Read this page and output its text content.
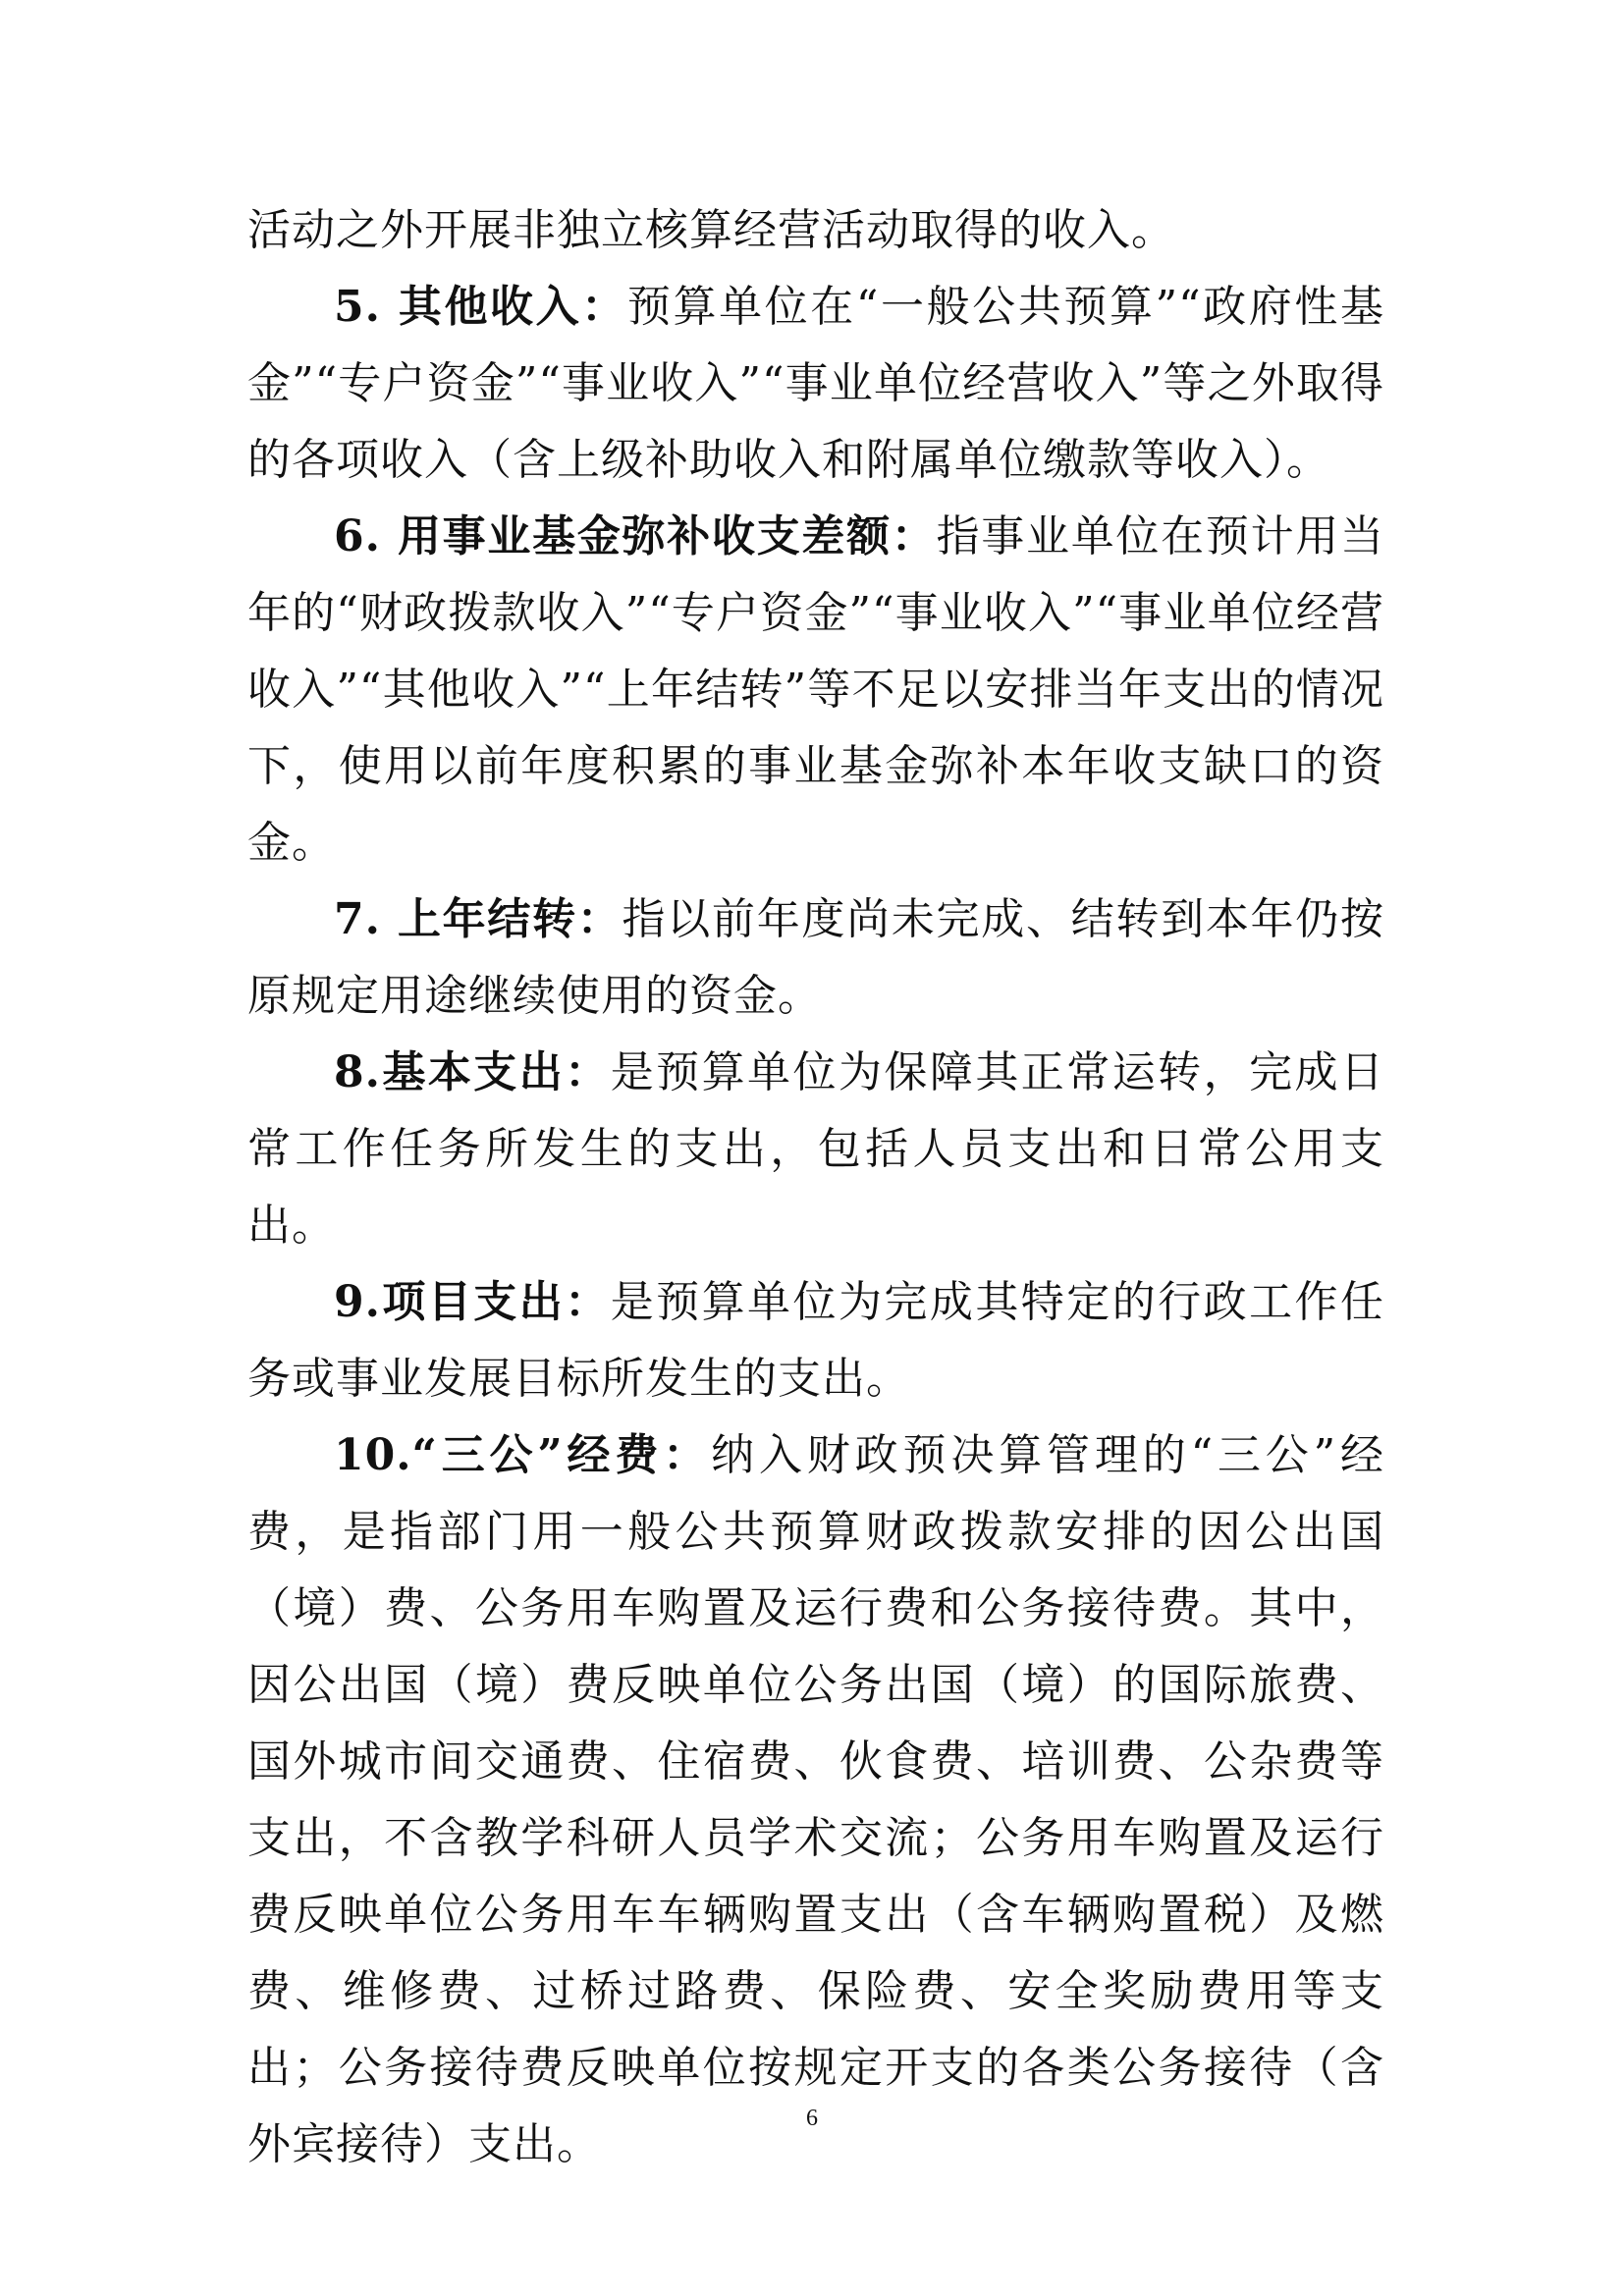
活动之外开展非独立核算经营活动取得的收入。

5. 其他收入：预算单位在“一般公共预算”“政府性基金”“专户资金”“事业收入”“事业单位经营收入”等之外取得的各项收入（含上级补助收入和附属单位缴款等收入）。

6. 用事业基金弥补收支差额：指事业单位在预计用当年的“财政拨款收入”“专户资金”“事业收入”“事业单位经营收入”“其他收入”“上年结转”等不足以安排当年支出的情况下，使用以前年度积累的事业基金弥补本年收支缺口的资金。

7. 上年结转：指以前年度尚未完成、结转到本年仍按原规定用途继续使用的资金。

8.基本支出：是预算单位为保障其正常运转，完成日常工作任务所发生的支出，包括人员支出和日常公用支出。

9.项目支出：是预算单位为完成其特定的行政工作任务或事业发展目标所发生的支出。

10.“三公”经费：纳入财政预决算管理的“三公”经费，是指部门用一般公共预算财政拨款安排的因公出国（境）费、公务用车购置及运行费和公务接待费。其中，因公出国（境）费反映单位公务出国（境）的国际旅费、国外城市间交通费、住宿费、伙食费、培训费、公杂费等支出，不含教学科研人员学术交流；公务用车购置及运行费反映单位公务用车车辆购置支出（含车辆购置税）及燃费、维修费、过桥过路费、保险费、安全奖励费用等支出；公务接待费反映单位按规定开支的各类公务接待（含外宾接待）支出。

6
